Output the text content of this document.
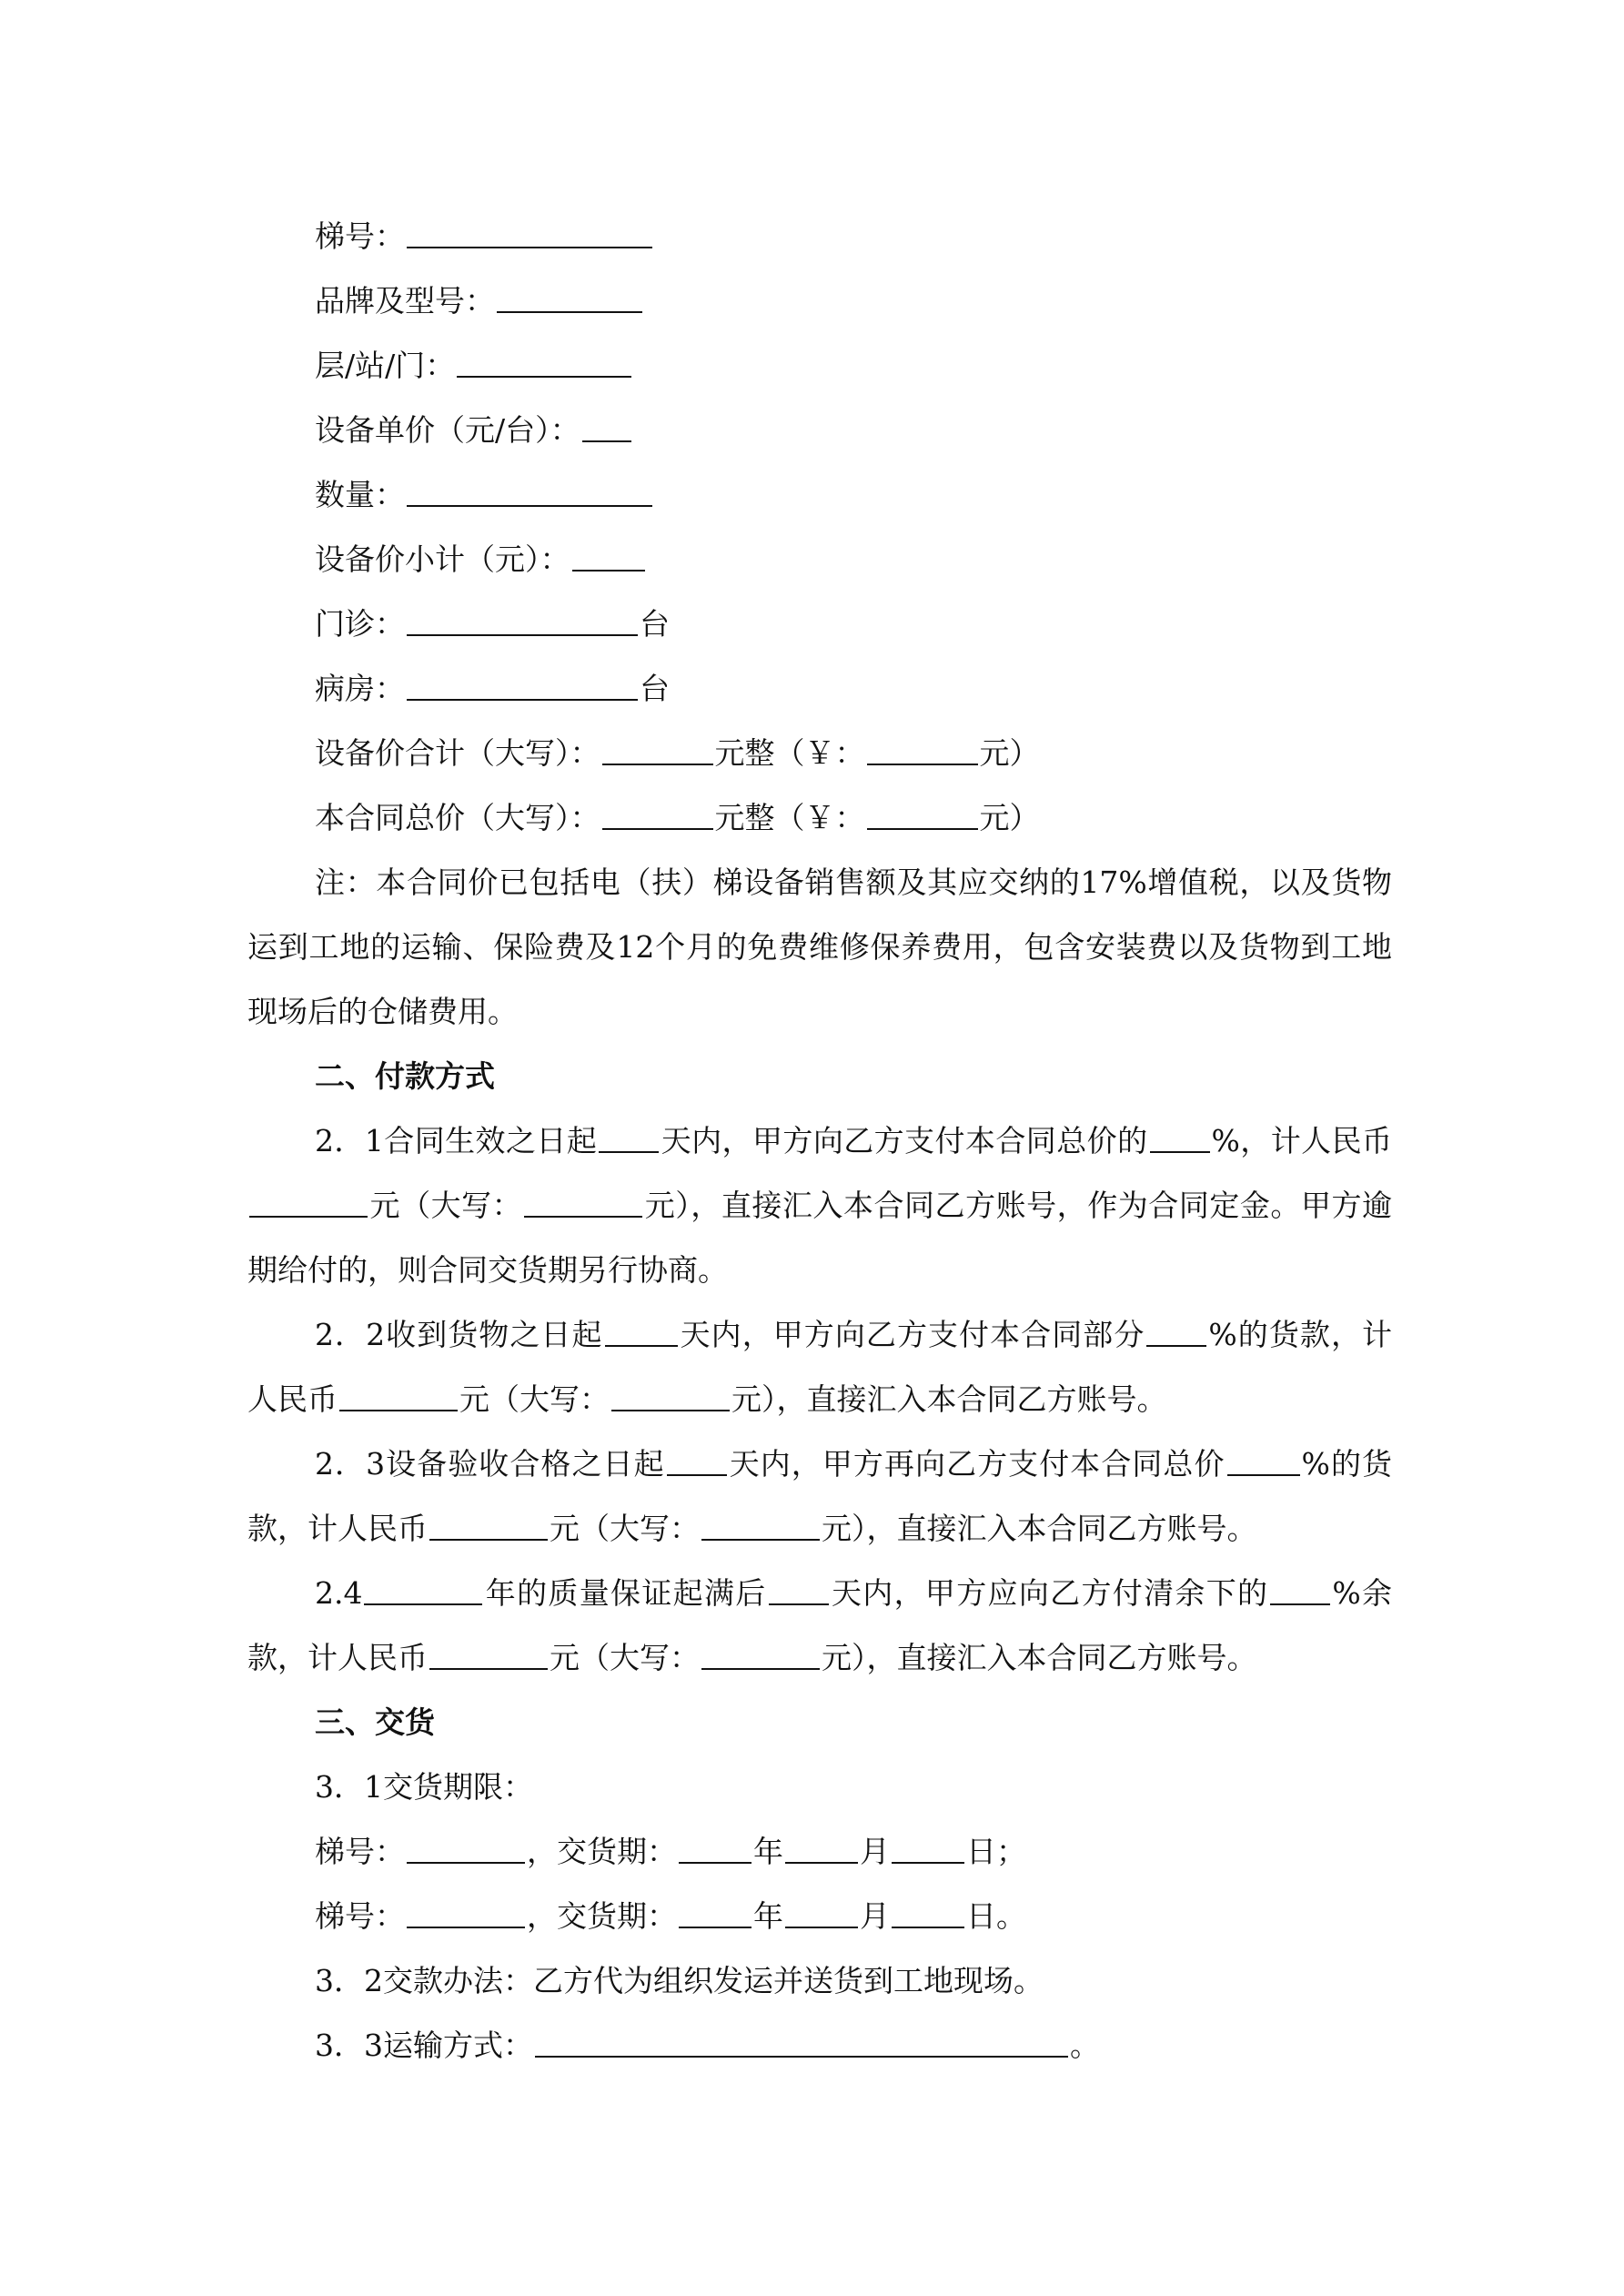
梯号：
品牌及型号：
层/站/门：
设备单价（元/台）：
数量：
设备价小计（元）：
门诊：	台
病房：	台
设备价合计（大写）：	元整（￥：	元）
本合同总价（大写）：	元整（￥：	元）
注：本合同价已包括电（扶）梯设备销售额及其应交纳的17%增值税，以及货物运到工地的运输、保险费及12个月的免费维修保养费用，包含安装费以及货物到工地现场后的仓储费用。
二、付款方式
2．1合同生效之日起 天内，甲方向乙方支付本合同总价的 %，计人民币元（大写：	元），直接汇入本合同乙方账号，作为合同定金。甲方逾期给付的，则合同交货期另行协商。
2．2收到货物之日起	天内，甲方向乙方支付本合同部分 %的货款，计人民币	元（大写：	元），直接汇入本合同乙方账号。
2．3设备验收合格之日起 天内，甲方再向乙方支付本合同总价	%的货款，计人民币	元（大写：	元），直接汇入本合同乙方账号。
2.4	年的质量保证起满后 天内，甲方应向乙方付清余下的 %余款，计人民币	元（大写：	元），直接汇入本合同乙方账号。
三、交货
3．1交货期限：
梯号：	，交货期：	年	月	日；
梯号：	，交货期：	年	月	日。
3．2交款办法：乙方代为组织发运并送货到工地现场。
3．3运输方式：	。
